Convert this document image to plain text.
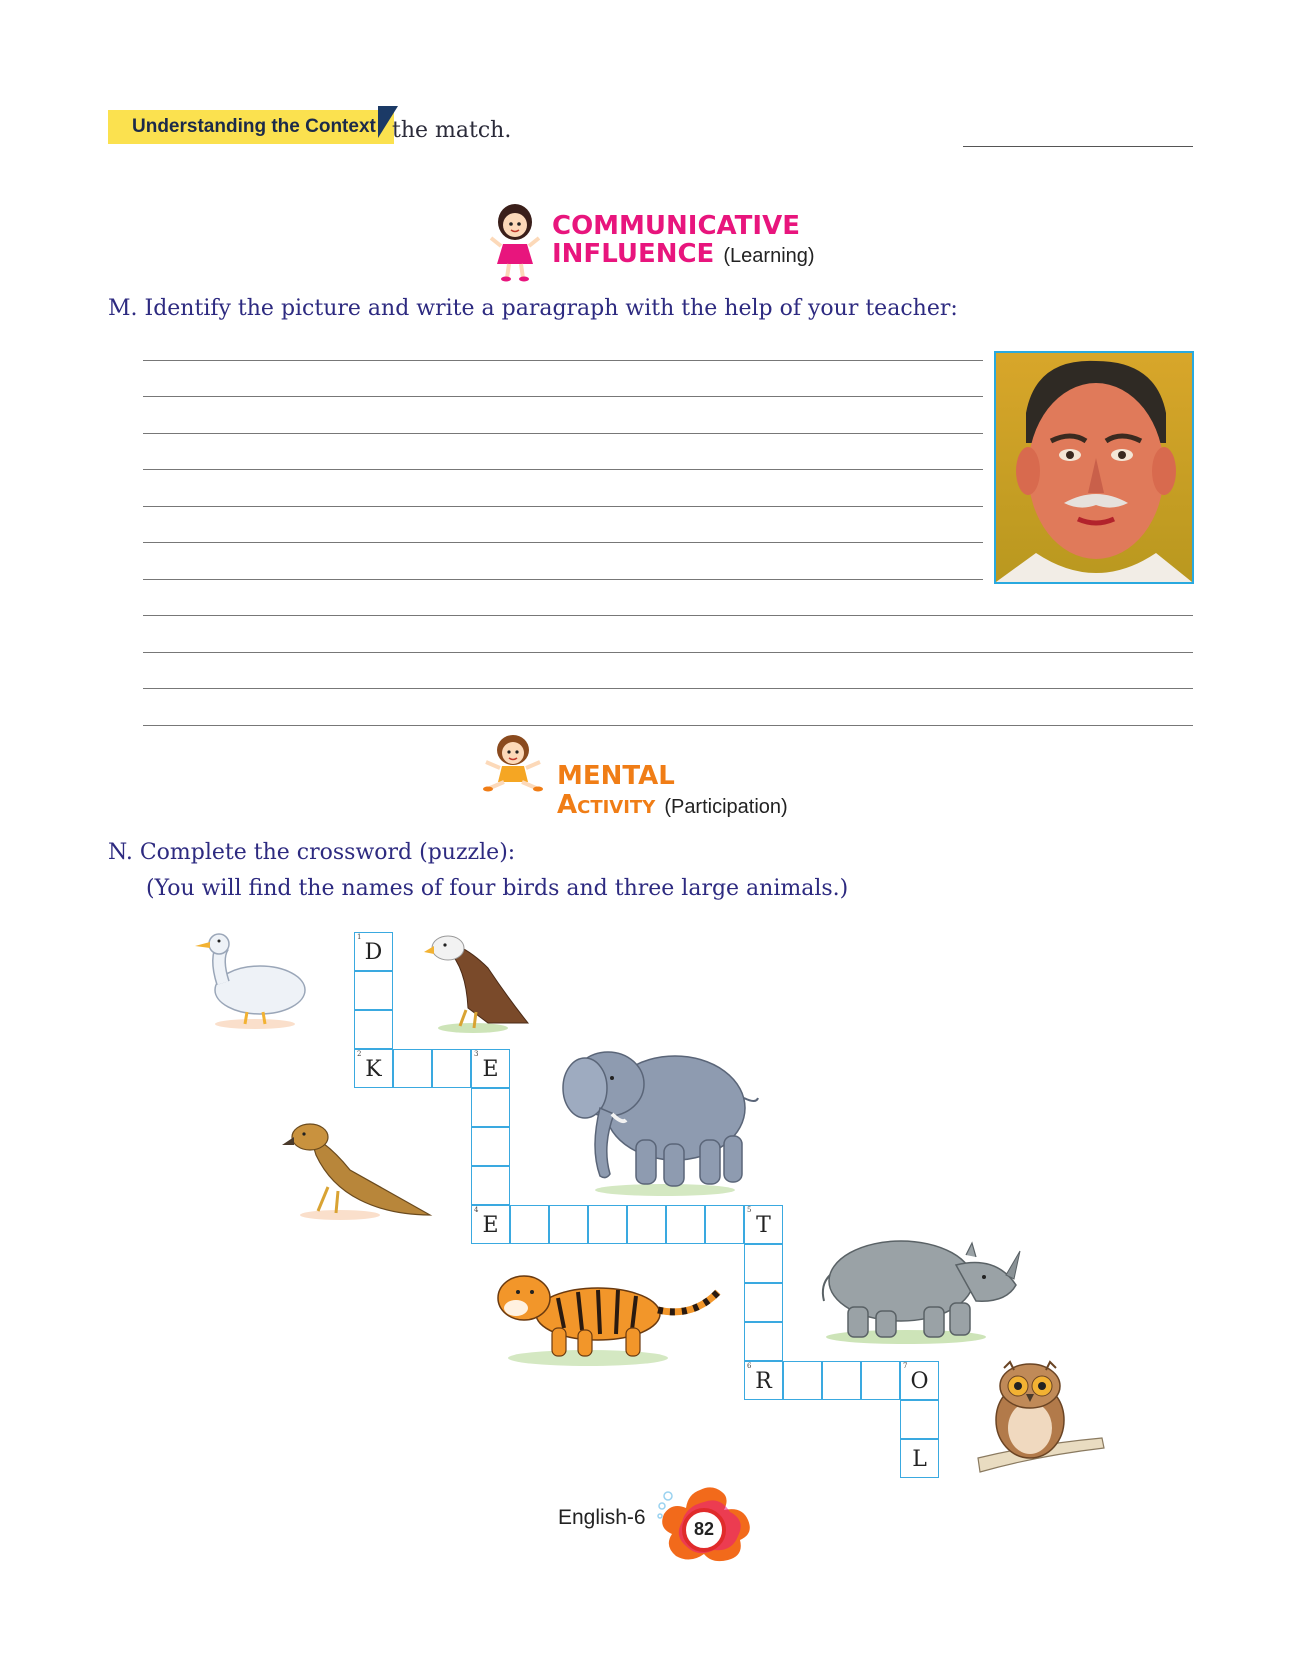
Understanding the Context the match.
COMMUNICATIVE
INFLUENCE (Learning)
M. Identify the picture and write a paragraph with the help of your teacher:
MENTAL
Activity (Participation)
N. Complete the crossword (puzzle):
(You will find the names of four birds and three large animals.)
1
D
2
K
3
E
4
E
5
T
6
R
7
O
L
English-6	82
